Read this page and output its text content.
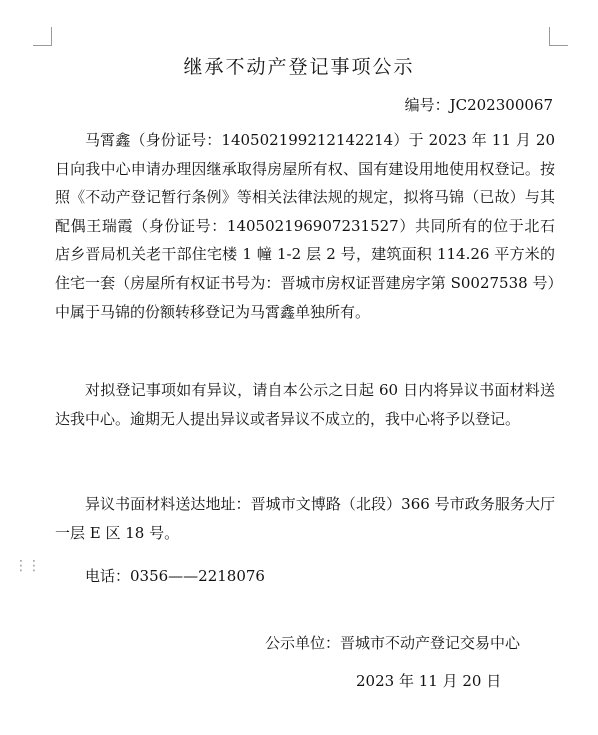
继承不动产登记事项公示
编号：JC202300067

马霄鑫（身份证号：140502199212142214）于 2023 年 11 月 20 日向我中心申请办理因继承取得房屋所有权、国有建设用地使用权登记。按照《不动产登记暂行条例》等相关法律法规的规定，拟将马锦（已故）与其配偶王瑞霞（身份证号：140502196907231527）共同所有的位于北石店乡晋局机关老干部住宅楼 1 幢 1-2 层 2 号，建筑面积 114.26 平方米的住宅一套（房屋所有权证书号为：晋城市房权证晋建房字第 S0027538 号）中属于马锦的份额转移登记为马霄鑫单独所有。

对拟登记事项如有异议，请自本公示之日起 60 日内将异议书面材料送达我中心。逾期无人提出异议或者异议不成立的，我中心将予以登记。

异议书面材料送达地址：晋城市文博路（北段）366 号市政务服务大厅一层 E 区 18 号。

电话：0356——2218076

⋮⋮
公示单位：晋城市不动产登记交易中心
2023 年 11 月 20 日
